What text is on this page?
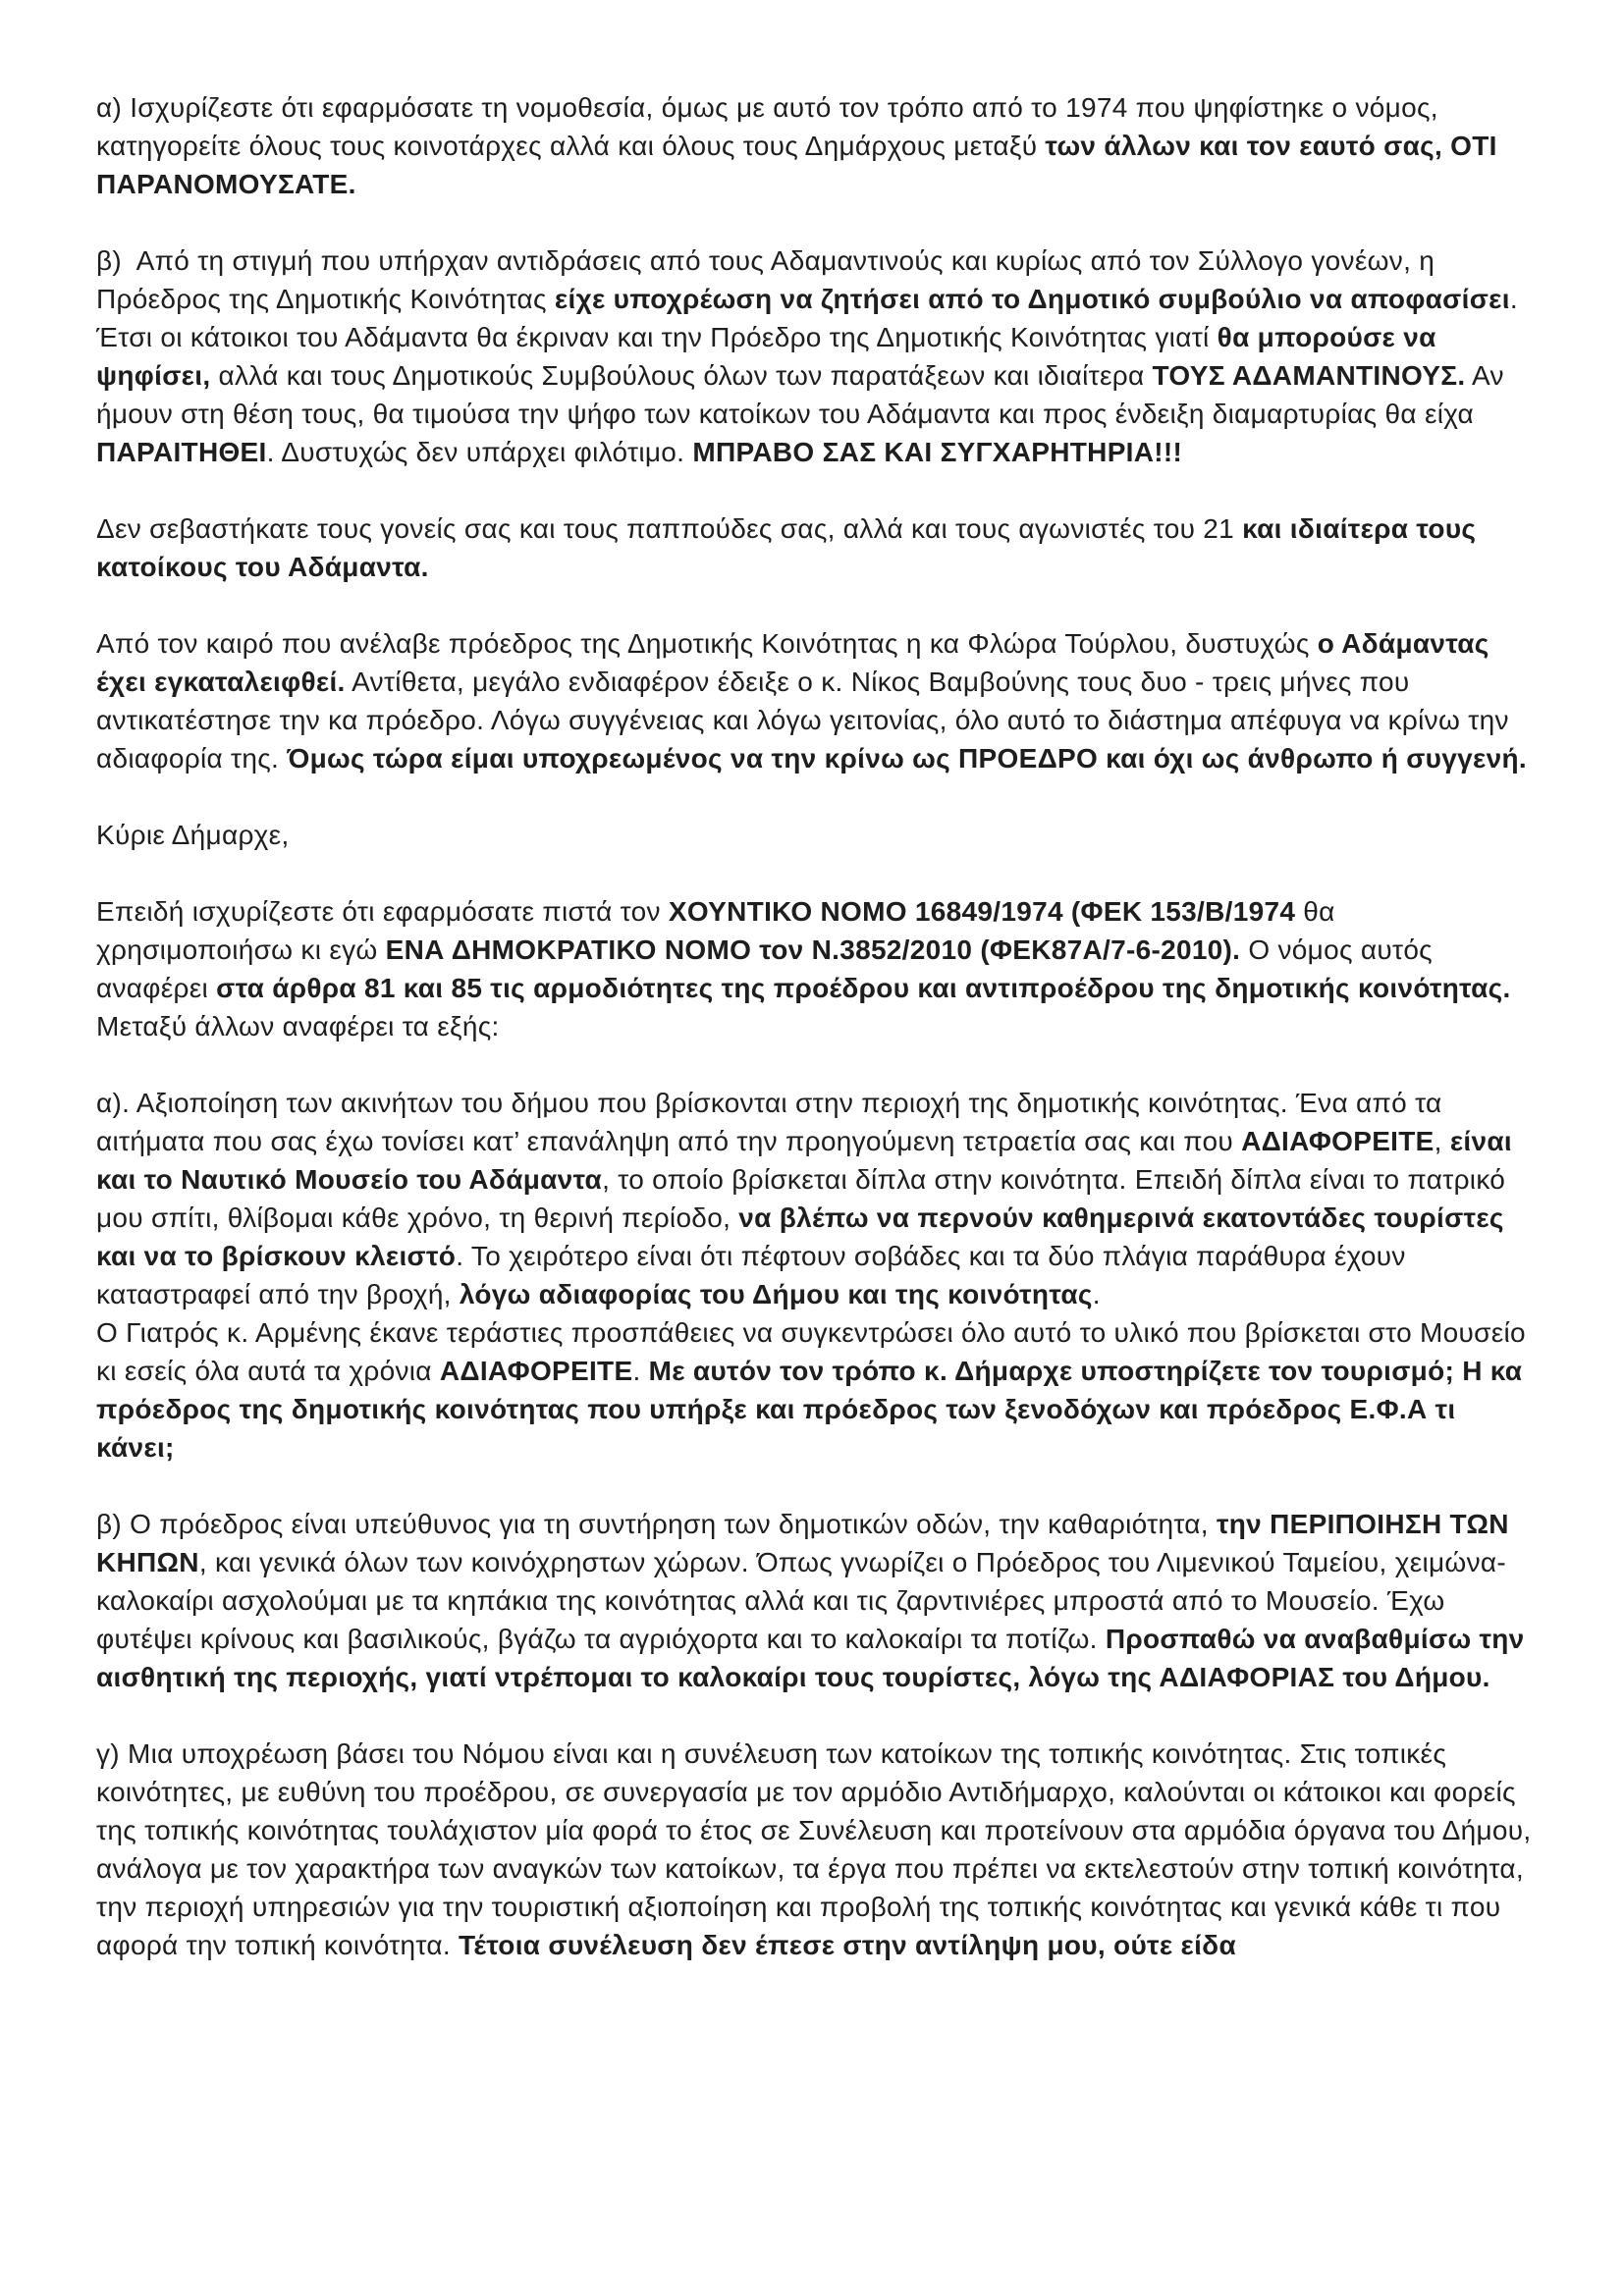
α) Ισχυρίζεστε ότι εφαρμόσατε τη νομοθεσία, όμως με αυτό τον τρόπο από το 1974 που ψηφίστηκε ο νόμος, κατηγορείτε όλους τους κοινοτάρχες αλλά και όλους τους Δημάρχους μεταξύ των άλλων και τον εαυτό σας, ΟΤΙ ΠΑΡΑΝΟΜΟΥΣΑΤΕ.

β)  Από τη στιγμή που υπήρχαν αντιδράσεις από τους Αδαμαντινούς και κυρίως από τον Σύλλογο γονέων, η Πρόεδρος της Δημοτικής Κοινότητας είχε υποχρέωση να ζητήσει από το Δημοτικό συμβούλιο να αποφασίσει. Έτσι οι κάτοικοι του Αδάμαντα θα έκριναν και την Πρόεδρο της Δημοτικής Κοινότητας γιατί θα μπορούσε να ψηφίσει, αλλά και τους Δημοτικούς Συμβούλους όλων των παρατάξεων και ιδιαίτερα ΤΟΥΣ ΑΔΑΜΑΝΤΙΝΟΥΣ. Αν ήμουν στη θέση τους, θα τιμούσα την ψήφο των κατοίκων του Αδάμαντα και προς ένδειξη διαμαρτυρίας θα είχα ΠΑΡΑΙΤΗΘΕΙ. Δυστυχώς δεν υπάρχει φιλότιμο. ΜΠΡΑΒΟ ΣΑΣ ΚΑΙ ΣΥΓΧΑΡΗΤΗΡΙΑ!!!

Δεν σεβαστήκατε τους γονείς σας και τους παππούδες σας, αλλά και τους αγωνιστές του 21 και ιδιαίτερα τους κατοίκους του Αδάμαντα.

Από τον καιρό που ανέλαβε πρόεδρος της Δημοτικής Κοινότητας η κα Φλώρα Τούρλου, δυστυχώς ο Αδάμαντας έχει εγκαταλειφθεί. Αντίθετα, μεγάλο ενδιαφέρον έδειξε ο κ. Νίκος Βαμβούνης τους δυο - τρεις μήνες που αντικατέστησε την κα πρόεδρο. Λόγω συγγένειας και λόγω γειτονίας, όλο αυτό το διάστημα απέφυγα να κρίνω την αδιαφορία της. Όμως τώρα είμαι υποχρεωμένος να την κρίνω ως ΠΡΟΕΔΡΟ και όχι ως άνθρωπο ή συγγενή.

Κύριε Δήμαρχε,

Επειδή ισχυρίζεστε ότι εφαρμόσατε πιστά τον ΧΟΥΝΤΙΚΟ ΝΟΜΟ 16849/1974 (ΦΕΚ 153/Β/1974 θα χρησιμοποιήσω κι εγώ ΕΝΑ ΔΗΜΟΚΡΑΤΙΚΟ ΝΟΜΟ τον Ν.3852/2010 (ΦΕΚ87Α/7-6-2010). Ο νόμος αυτός αναφέρει στα άρθρα 81 και 85 τις αρμοδιότητες της προέδρου και αντιπροέδρου της δημοτικής κοινότητας. Μεταξύ άλλων αναφέρει τα εξής:

α). Αξιοποίηση των ακινήτων του δήμου που βρίσκονται στην περιοχή της δημοτικής κοινότητας. Ένα από τα αιτήματα που σας έχω τονίσει κατ’ επανάληψη από την προηγούμενη τετραετία σας και που ΑΔΙΑΦΟΡΕΙΤΕ, είναι και το Ναυτικό Μουσείο του Αδάμαντα, το οποίο βρίσκεται δίπλα στην κοινότητα. Επειδή δίπλα είναι το πατρικό μου σπίτι, θλίβομαι κάθε χρόνο, τη θερινή περίοδο, να βλέπω να περνούν καθημερινά εκατοντάδες τουρίστες και να το βρίσκουν κλειστό. Το χειρότερο είναι ότι πέφτουν σοβάδες και τα δύο πλάγια παράθυρα έχουν καταστραφεί από την βροχή, λόγω αδιαφορίας του Δήμου και της κοινότητας.

Ο Γιατρός κ. Αρμένης έκανε τεράστιες προσπάθειες να συγκεντρώσει όλο αυτό το υλικό που βρίσκεται στο Μουσείο κι εσείς όλα αυτά τα χρόνια ΑΔΙΑΦΟΡΕΙΤΕ. Με αυτόν τον τρόπο κ. Δήμαρχε υποστηρίζετε τον τουρισμό; Η κα πρόεδρος της δημοτικής κοινότητας που υπήρξε και πρόεδρος των ξενοδόχων και πρόεδρος Ε.Φ.Α τι κάνει;

β) Ο πρόεδρος είναι υπεύθυνος για τη συντήρηση των δημοτικών οδών, την καθαριότητα, την ΠΕΡΙΠΟΙΗΣΗ ΤΩΝ ΚΗΠΩΝ, και γενικά όλων των κοινόχρηστων χώρων. Όπως γνωρίζει ο Πρόεδρος του Λιμενικού Ταμείου, χειμώνα- καλοκαίρι ασχολούμαι με τα κηπάκια της κοινότητας αλλά και τις ζαρντινιέρες μπροστά από το Μουσείο. Έχω φυτέψει κρίνους και βασιλικούς, βγάζω τα αγριόχορτα και το καλοκαίρι τα ποτίζω. Προσπαθώ να αναβαθμίσω την αισθητική της περιοχής, γιατί ντρέπομαι το καλοκαίρι τους τουρίστες, λόγω της ΑΔΙΑΦΟΡΙΑΣ του Δήμου.

γ) Μια υποχρέωση βάσει του Νόμου είναι και η συνέλευση των κατοίκων της τοπικής κοινότητας. Στις τοπικές κοινότητες, με ευθύνη του προέδρου, σε συνεργασία με τον αρμόδιο Αντιδήμαρχο, καλούνται οι κάτοικοι και φορείς της τοπικής κοινότητας τουλάχιστον μία φορά το έτος σε Συνέλευση και προτείνουν στα αρμόδια όργανα του Δήμου, ανάλογα με τον χαρακτήρα των αναγκών των κατοίκων, τα έργα που πρέπει να εκτελεστούν στην τοπική κοινότητα, την περιοχή υπηρεσιών για την τουριστική αξιοποίηση και προβολή της τοπικής κοινότητας και γενικά κάθε τι που αφορά την τοπική κοινότητα. Τέτοια συνέλευση δεν έπεσε στην αντίληψη μου, ούτε είδα
